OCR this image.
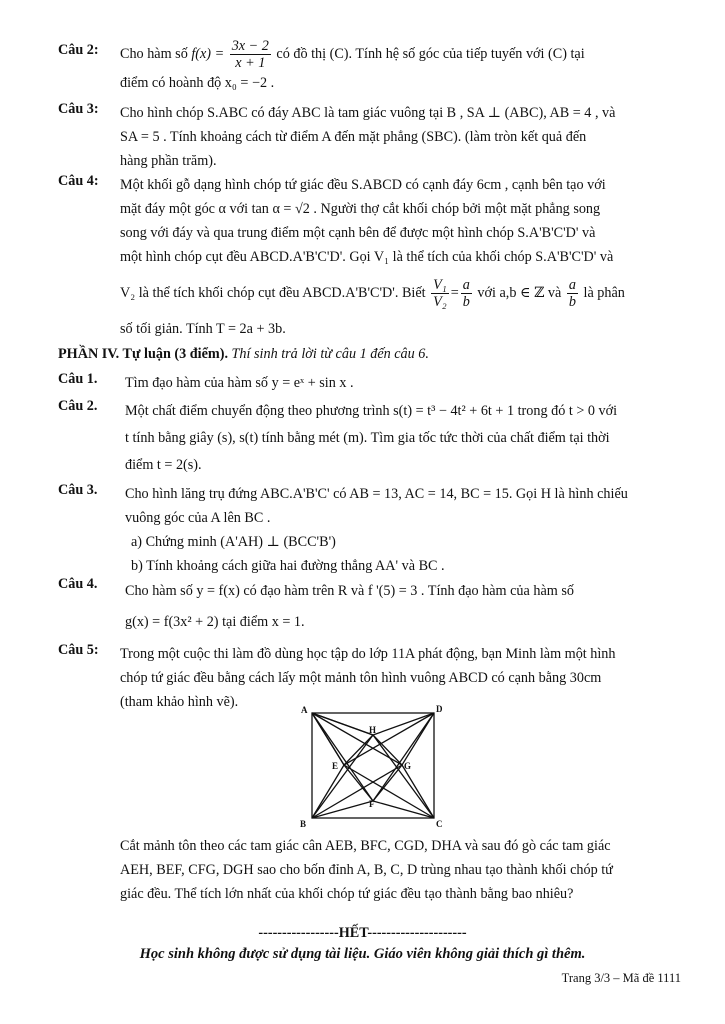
Câu 2: Cho hàm số $f(x) = \frac{3x - 2}{x + 1}$ có đồ thị (C). Tính hệ số góc của tiếp tuyến với (C) tại
điểm có hoành độ x₀ = −2 .
Câu 3: Cho hình chóp S.ABC có đáy ABC là tam giác vuông tại B , SA ⊥ (ABC), AB = 4 , và
SA = 5 . Tính khoảng cách từ điểm A đến mặt phẳng (SBC). (làm tròn kết quả đến
hàng phần trăm).
Câu 4: Một khối gỗ dạng hình chóp tứ giác đều S.ABCD có cạnh đáy 6cm , cạnh bên tạo với
mặt đáy một góc α với tan α = √2 . Người thợ cắt khối chóp bởi một mặt phẳng song
song với đáy và qua trung điểm một cạnh bên để được một hình chóp S.A'B'C'D' và
một hình chóp cụt đều ABCD.A'B'C'D'. Gọi V₁ là thể tích của khối chóp S.A'B'C'D' và

V₂ là thể tích khối chóp cụt đều ABCD.A'B'C'D'. Biết $\frac{\text{V₁}}{\text{V₂}} = \frac{a}{b}$ với a,b ∈ ℤ và $\frac{a}{b}$ là phân
số tối giản. Tính T = 2a + 3b.
PHẦN IV. Tự luận (3 điểm). Thí sinh trả lời từ câu 1 đến câu 6.
Câu 1. Tìm đạo hàm của hàm số y = eˣ + sin x .
Câu 2. Một chất điểm chuyển động theo phương trình s(t) = t³ − 4t² + 6t + 1 trong đó t > 0 với
t tính bằng giây (s), s(t) tính bằng mét (m). Tìm gia tốc tức thời của chất điểm tại thời
điểm t = 2(s).
Câu 3. Cho hình lăng trụ đứng ABC.A'B'C' có AB = 13, AC = 14, BC = 15. Gọi H là hình chiếu
vuông góc của A lên BC .
a) Chứng minh (A'AH) ⊥ (BCC'B')
b) Tính khoảng cách giữa hai đường thẳng AA' và BC .
Câu 4. Cho hàm số y = f(x) có đạo hàm trên R và f '(5) = 3 . Tính đạo hàm của hàm số
g(x) = f(3x² + 2) tại điểm x = 1.
Câu 5: Trong một cuộc thi làm đồ dùng học tập do lớp 11A phát động, bạn Minh làm một hình
chóp tứ giác đều bằng cách lấy một mảnh tôn hình vuông ABCD có cạnh bằng 30cm
(tham khảo hình vẽ).	A	D
B	C
E	G
H
F
Cắt mảnh tôn theo các tam giác cân AEB, BFC, CGD, DHA và sau đó gò các tam giác
AEH, BEF, CFG, DGH sao cho bốn đỉnh A, B, C, D trùng nhau tạo thành khối chóp tứ
giác đều. Thể tích lớn nhất của khối chóp tứ giác đều tạo thành bằng bao nhiêu?
-----------------HẾT---------------------
Học sinh không được sử dụng tài liệu. Giáo viên không giải thích gì thêm.
Trang 3/3 – Mã đề 1111
